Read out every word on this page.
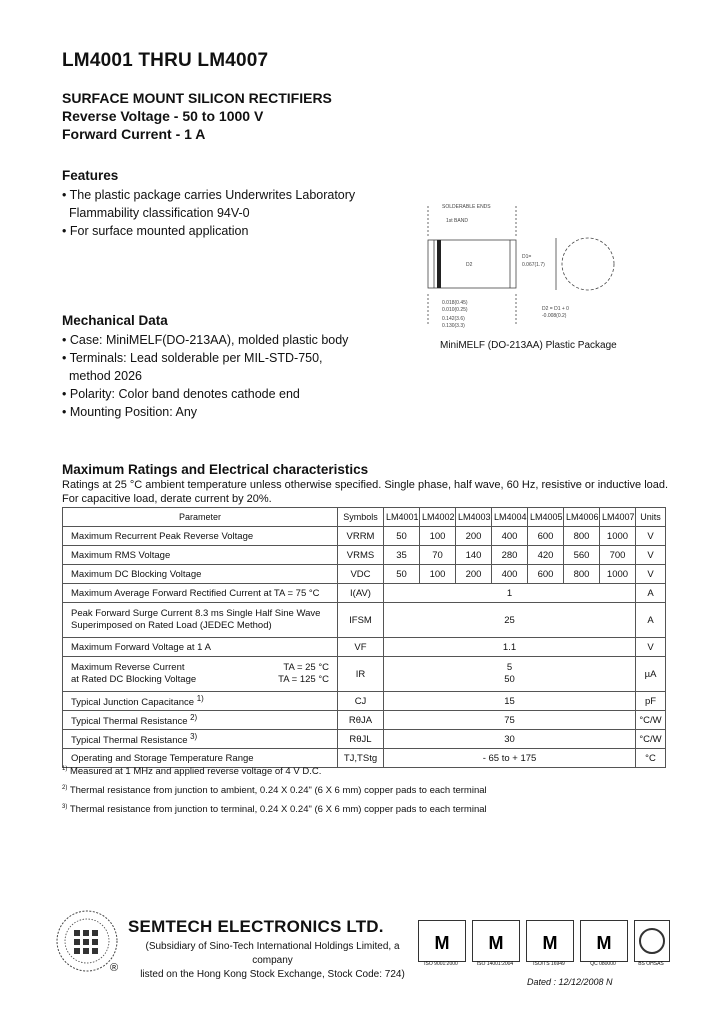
LM4001 THRU LM4007
SURFACE MOUNT SILICON RECTIFIERS
Reverse Voltage - 50 to 1000 V
Forward Current - 1 A
Features
• The plastic package carries Underwrites Laboratory
Flammability classification 94V-0
• For surface mounted application
Mechanical Data
• Case: MiniMELF(DO-213AA), molded plastic body
• Terminals: Lead solderable per MIL-STD-750,
method 2026
• Polarity: Color band denotes cathode end
• Mounting Position: Any
SOLDERABLE ENDS
1st BAND
D2
D1=
0.067(1.7)
0.018(0.45)
0.010(0.25)
0.142(3.6)
0.130(3.3)
D2 = D1 + 0
-0.008(0.2)
MiniMELF (DO-213AA) Plastic Package
Maximum Ratings and Electrical characteristics
Ratings at 25 °C ambient temperature unless otherwise specified. Single phase, half wave, 60 Hz, resistive or inductive load.
For capacitive load, derate current by 20%.
Parameter	Symbols	LM4001	LM4002	LM4003	LM4004	LM4005	LM4006	LM4007	Units
Maximum Recurrent Peak Reverse Voltage	VRRM	50	100	200	400	600	800	1000	V
Maximum RMS Voltage	VRMS	35	70	140	280	420	560	700	V
Maximum DC Blocking Voltage	VDC	50	100	200	400	600	800	1000	V
Maximum Average Forward Rectified Current at TA = 75 °C	I(AV)	1							A

Peak Forward Surge Current 8.3 ms Single Half Sine Wave
Superimposed on Rated Load (JEDEC Method)	IFSM	25							A
Maximum Forward Voltage at 1 A	VF	1.1							V

Maximum Reverse Current TA = 25 °C
at Rated DC Blocking Voltage TA = 125 °C	IR	5
50							µA
Typical Junction Capacitance $^{1)}$	CJ	15							pF
Typical Thermal Resistance $^{2)}$	RθJA	75							°C/W
Typical Thermal Resistance $^{3)}$	RθJL	30							°C/W
Operating and Storage Temperature Range	TJ,TStg	- 65 to + 175							°C
$^{1)}$ Measured at 1 MHz and applied reverse voltage of 4 V D.C.
$^{2)}$ Thermal resistance from junction to ambient, 0.24 X 0.24" (6 X 6 mm) copper pads to each terminal
$^{3)}$ Thermal resistance from junction to terminal, 0.24 X 0.24" (6 X 6 mm) copper pads to each terminal
®
SEMTECH ELECTRONICS LTD.
(Subsidiary of Sino-Tech International Holdings Limited, a company
listed on the Hong Kong Stock Exchange, Stock Code: 724)
M
ISO 9001:2000
M
ISO 14001:2004
M
ISO/TS 16949
M
QC 080000	BS OHSAS
Dated : 12/12/2008 N
